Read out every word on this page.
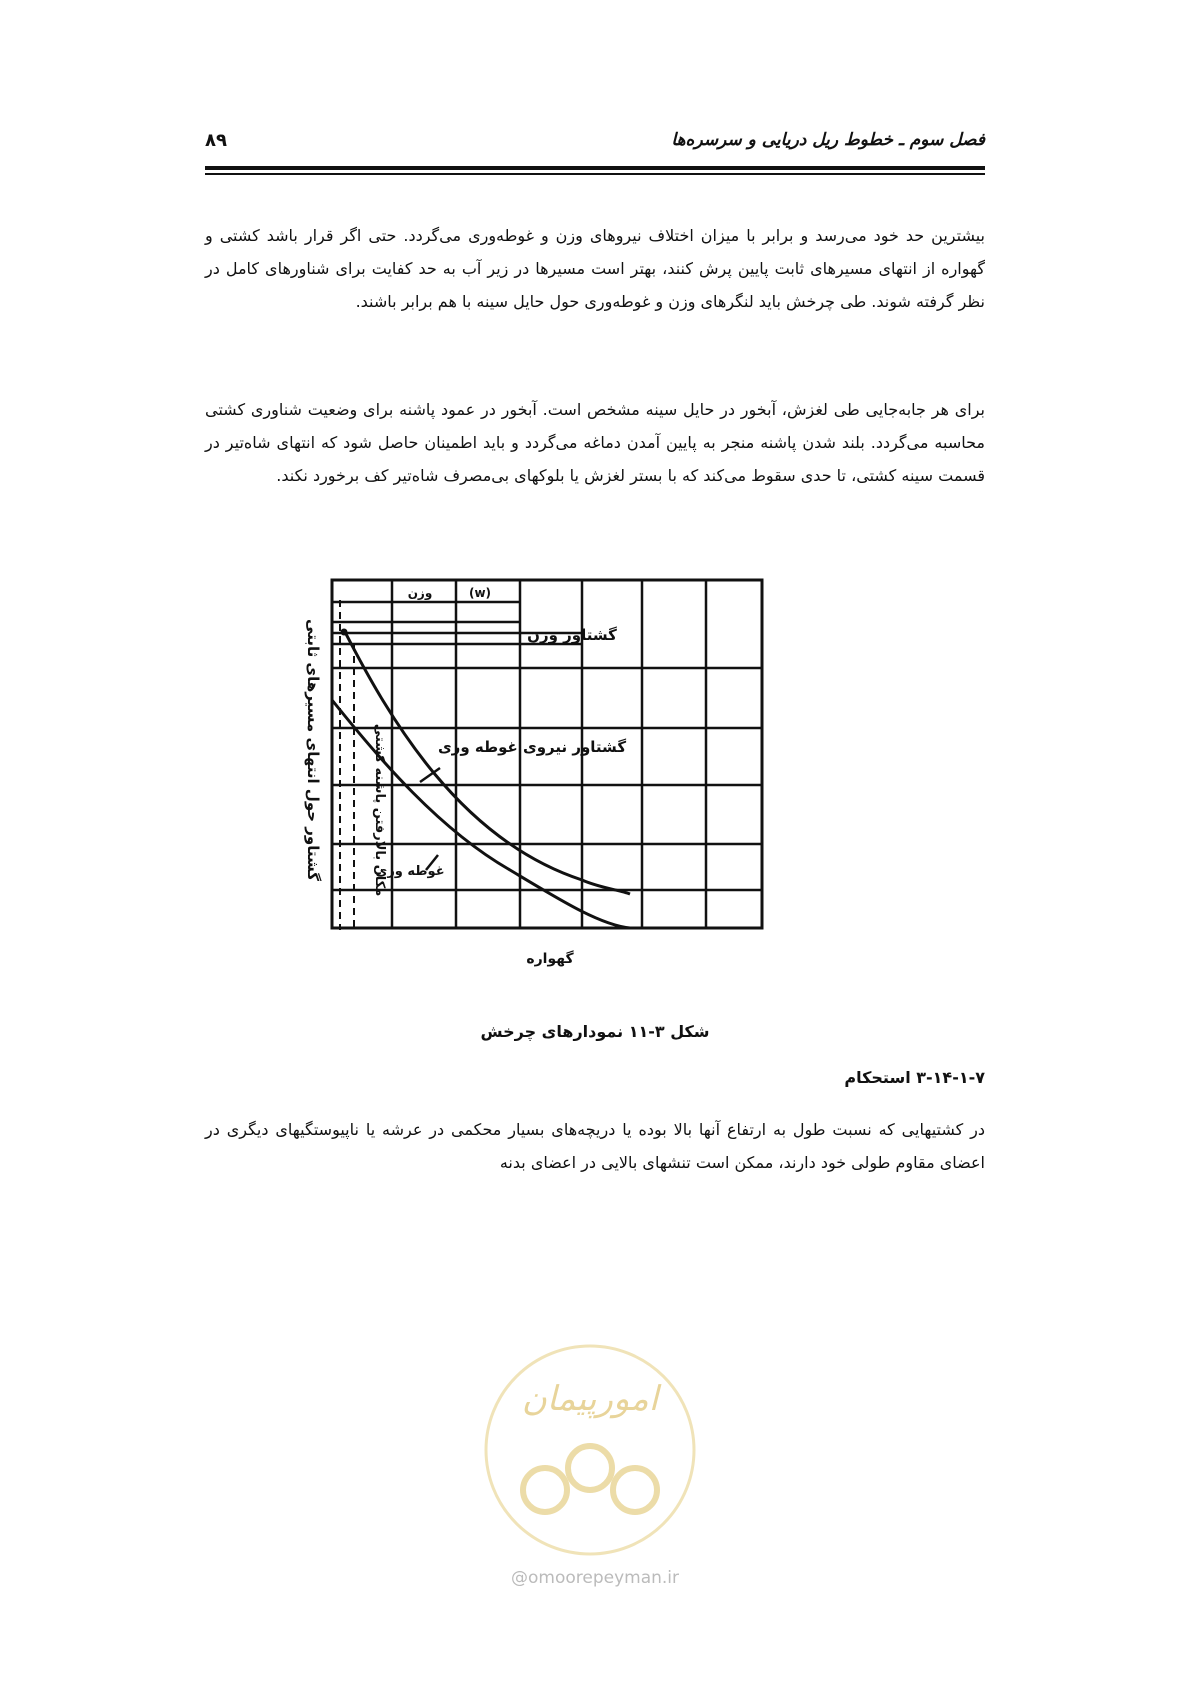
فصل سوم ـ خطوط ریل دریایی و سرسره‌ها
۸۹
بیشترین حد خود می‌رسد و برابر با میزان اختلاف نیروهای وزن و غوطه‌وری می‌گردد. حتی اگر قرار باشد کشتی و گهواره از انتهای مسیرهای ثابت پایین پرش کنند، بهتر است مسیرها در زیر آب به حد کفایت برای شناورهای کامل در نظر گرفته شوند. طی چرخش باید لنگرهای وزن و غوطه‌وری حول حایل سینه با هم برابر باشند.
برای هر جابه‌جایی طی لغزش، آبخور در حایل سینه مشخص است. آبخور در عمود پاشنه برای وضعیت شناوری کشتی محاسبه می‌گردد. بلند شدن پاشنه منجر به پایین آمدن دماغه می‌گردد و باید اطمینان حاصل شود که انتهای شاه‌تیر در قسمت سینه کشتی، تا حدی سقوط می‌کند که با بستر لغزش یا بلوکهای بی‌مصرف شاه‌تیر کف برخورد نکند.
وزن	(w)
گشتاور وزن
گشتاور نیروی غوطه وری
غوطه وری
مکان بالارفتن پاشنه کشتی
گشتاور حول انتهای مسیرهای ثابتی
گهواره
شکل ۳-۱۱ نمودارهای چرخش
۳-۱۴-۱-۷ استحکام
در کشتیهایی که نسبت طول به ارتفاع آنها بالا بوده یا دریچه‌های بسیار محکمی در عرشه یا ناپیوستگیهای دیگری در اعضای مقاوم طولی خود دارند، ممکن است تنشهای بالایی در اعضای بدنه
امورپیمان
@omoorepeyman.ir
